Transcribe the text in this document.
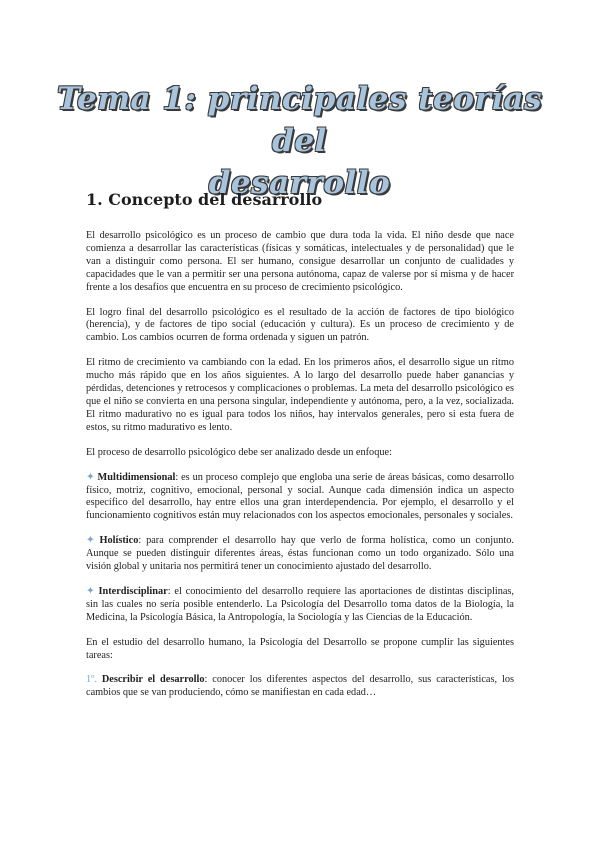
Tema 1: principales teorías del
desarrollo
1. Concepto del desarrollo

El desarrollo psicológico es un proceso de cambio que dura toda la vida. El niño desde que nace comienza a desarrollar las características (físicas y somáticas, intelectuales y de personalidad) que le van a distinguir como persona. El ser humano, consigue desarrollar un conjunto de cualidades y capacidades que le van a permitir ser una persona autónoma, capaz de valerse por sí misma y de hacer frente a los desafíos que encuentra en su proceso de crecimiento psicológico.

El logro final del desarrollo psicológico es el resultado de la acción de factores de tipo biológico (herencia), y de factores de tipo social (educación y cultura). Es un proceso de crecimiento y de cambio. Los cambios ocurren de forma ordenada y siguen un patrón.

El ritmo de crecimiento va cambiando con la edad. En los primeros años, el desarrollo sigue un ritmo mucho más rápido que en los años siguientes. A lo largo del desarrollo puede haber ganancias y pérdidas, detenciones y retrocesos y complicaciones o problemas. La meta del desarrollo psicológico es que el niño se convierta en una persona singular, independiente y autónoma, pero, a la vez, socializada. El ritmo madurativo no es igual para todos los niños, hay intervalos generales, pero si esta fuera de estos, su ritmo madurativo es lento.

El proceso de desarrollo psicológico debe ser analizado desde un enfoque:

✦ Multidimensional: es un proceso complejo que engloba una serie de áreas básicas, como desarrollo físico, motriz, cognitivo, emocional, personal y social. Aunque cada dimensión indica un aspecto específico del desarrollo, hay entre ellos una gran interdependencia. Por ejemplo, el desarrollo y el funcionamiento cognitivos están muy relacionados con los aspectos emocionales, personales y sociales.

✦ Holístico: para comprender el desarrollo hay que verlo de forma holística, como un conjunto. Aunque se pueden distinguir diferentes áreas, éstas funcionan como un todo organizado. Sólo una visión global y unitaria nos permitirá tener un conocimiento ajustado del desarrollo.

✦ Interdisciplinar: el conocimiento del desarrollo requiere las aportaciones de distintas disciplinas, sin las cuales no sería posible entenderlo. La Psicología del Desarrollo toma datos de la Biología, la Medicina, la Psicología Básica, la Antropología, la Sociología y las Ciencias de la Educación.

En el estudio del desarrollo humano, la Psicología del Desarrollo se propone cumplir las siguientes tareas:

1º. Describir el desarrollo: conocer los diferentes aspectos del desarrollo, sus características, los cambios que se van produciendo, cómo se manifiestan en cada edad…
